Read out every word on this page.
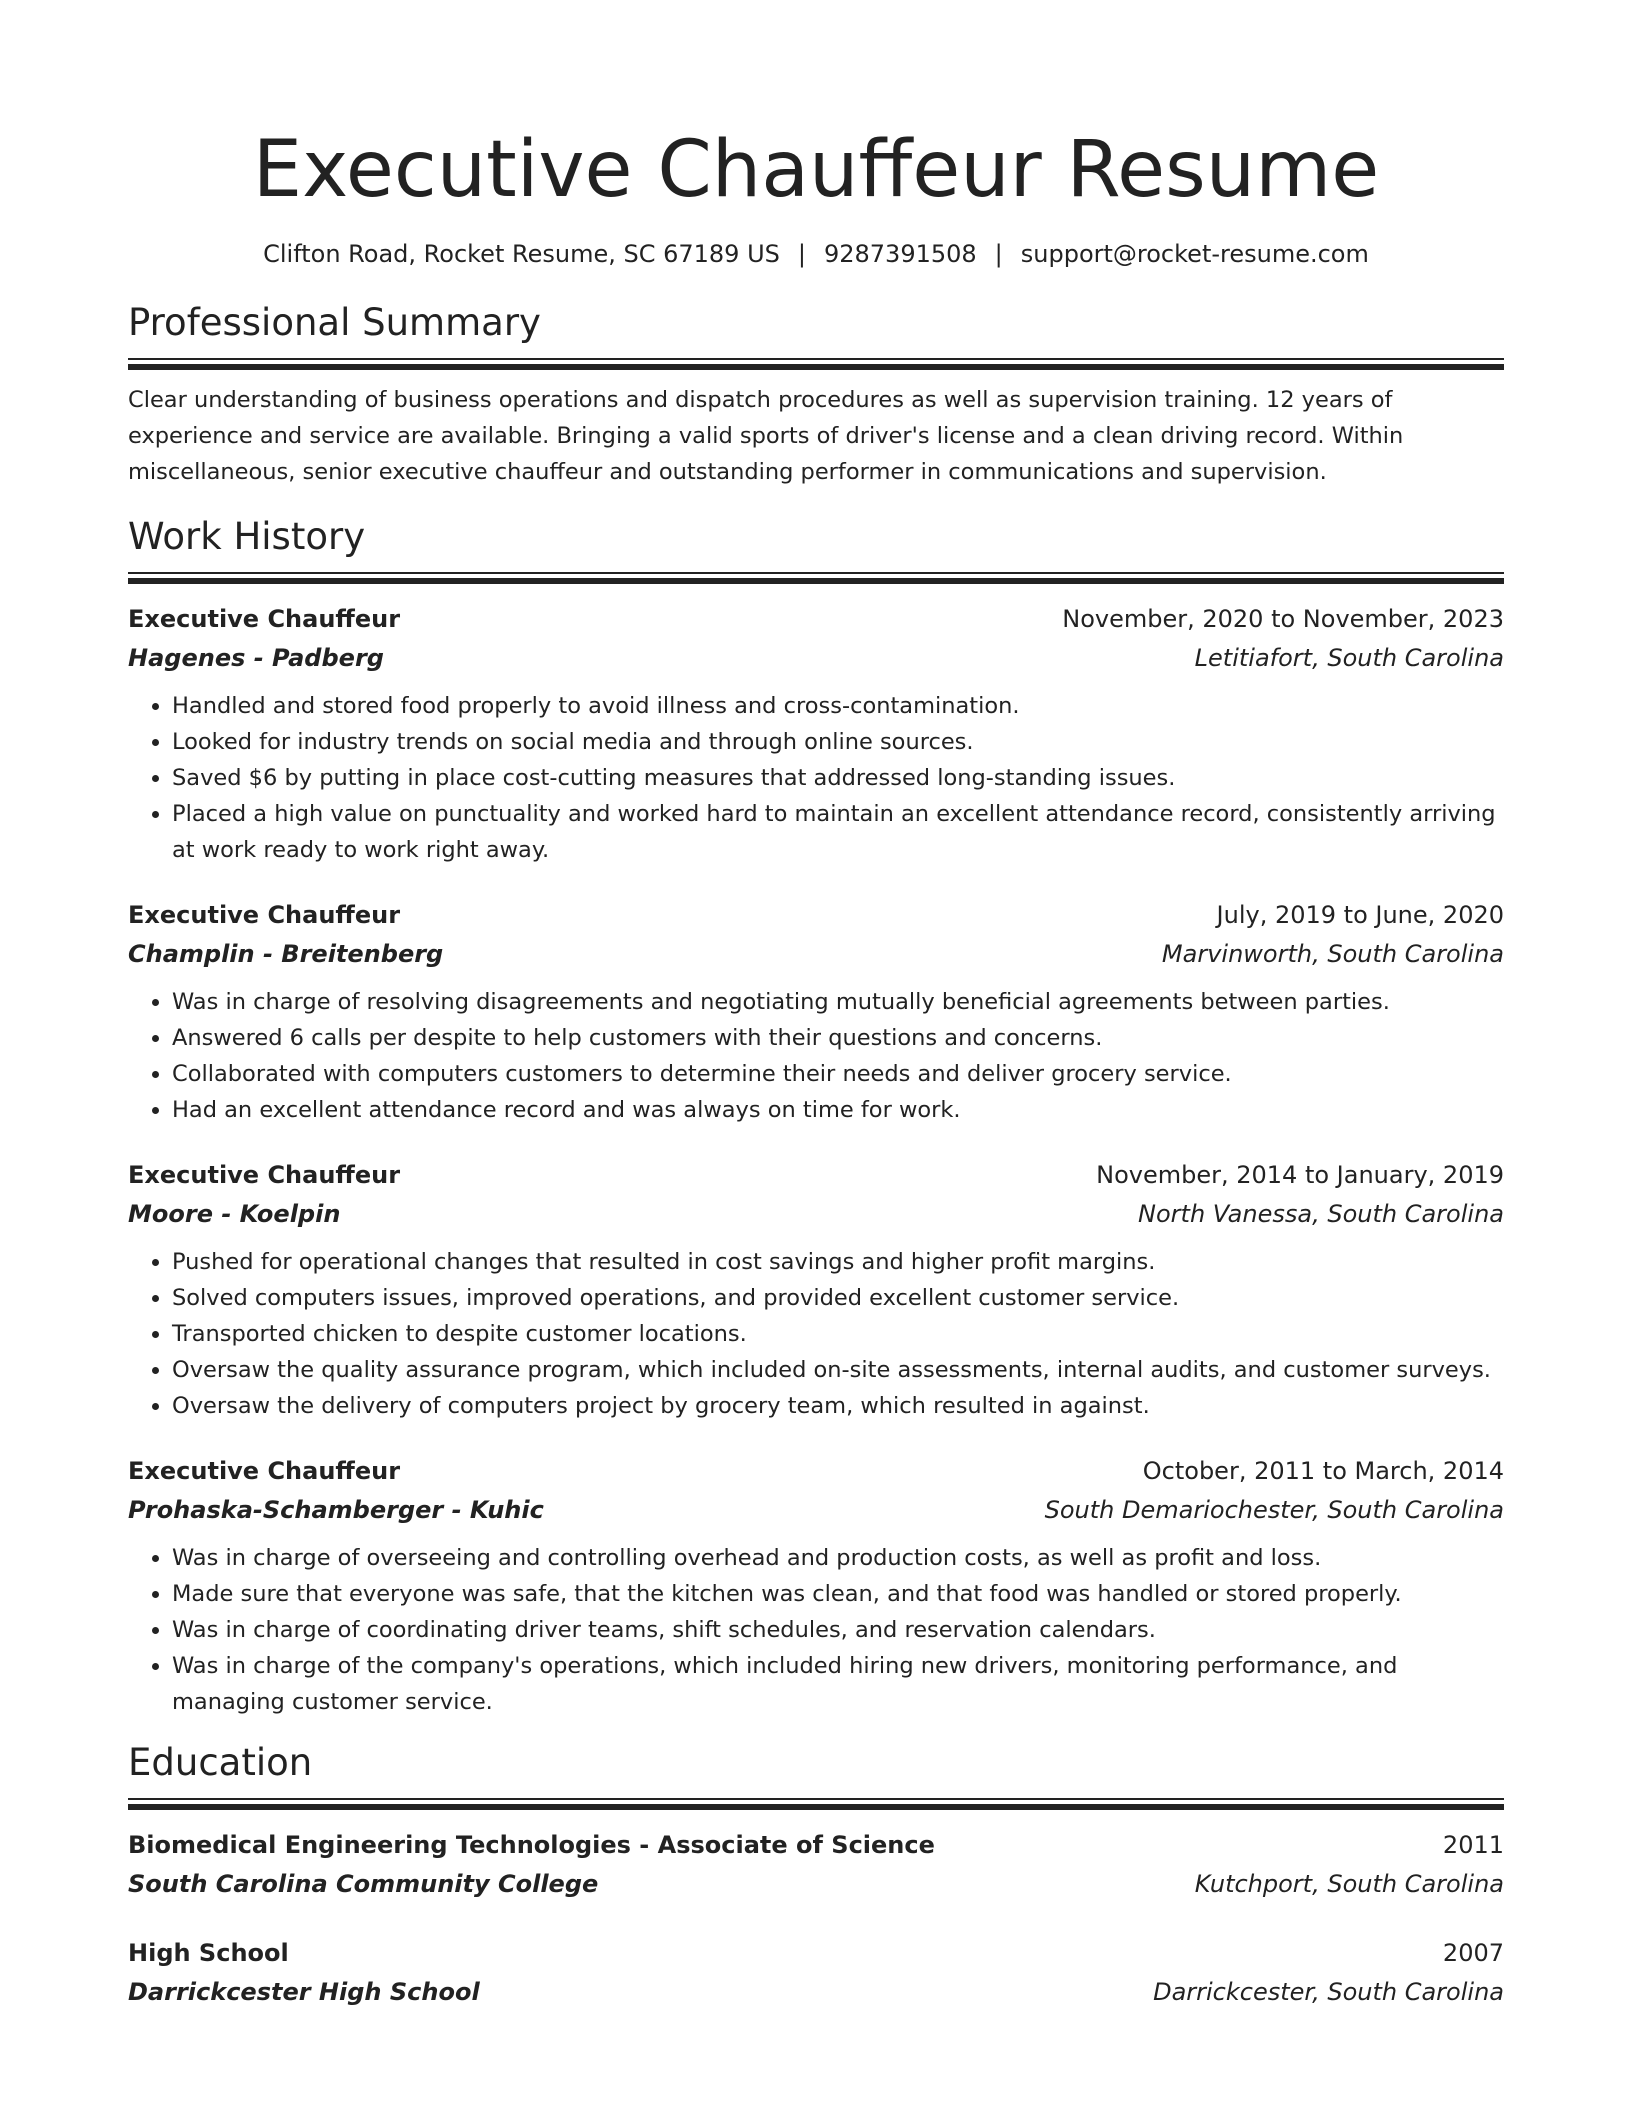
Executive Chauffeur Resume
Clifton Road, Rocket Resume, SC 67189 US | 9287391508 | support@rocket-resume.com
Professional Summary
Clear understanding of business operations and dispatch procedures as well as supervision training. 12 years of experience and service are available. Bringing a valid sports of driver's license and a clean driving record. Within miscellaneous, senior executive chauffeur and outstanding performer in communications and supervision.
Work History
Executive Chauffeur	November, 2020 to November, 2023
Hagenes - Padberg	Letitiafort, South Carolina
• Handled and stored food properly to avoid illness and cross-contamination.
• Looked for industry trends on social media and through online sources.
• Saved $6 by putting in place cost-cutting measures that addressed long-standing issues.
• Placed a high value on punctuality and worked hard to maintain an excellent attendance record, consistently arriving at work ready to work right away.
Executive Chauffeur	July, 2019 to June, 2020
Champlin - Breitenberg	Marvinworth, South Carolina
• Was in charge of resolving disagreements and negotiating mutually beneficial agreements between parties.
• Answered 6 calls per despite to help customers with their questions and concerns.
• Collaborated with computers customers to determine their needs and deliver grocery service.
• Had an excellent attendance record and was always on time for work.
Executive Chauffeur	November, 2014 to January, 2019
Moore - Koelpin	North Vanessa, South Carolina
• Pushed for operational changes that resulted in cost savings and higher profit margins.
• Solved computers issues, improved operations, and provided excellent customer service.
• Transported chicken to despite customer locations.
• Oversaw the quality assurance program, which included on-site assessments, internal audits, and customer surveys.
• Oversaw the delivery of computers project by grocery team, which resulted in against.
Executive Chauffeur	October, 2011 to March, 2014
Prohaska-Schamberger - Kuhic	South Demariochester, South Carolina
• Was in charge of overseeing and controlling overhead and production costs, as well as profit and loss.
• Made sure that everyone was safe, that the kitchen was clean, and that food was handled or stored properly.
• Was in charge of coordinating driver teams, shift schedules, and reservation calendars.
• Was in charge of the company's operations, which included hiring new drivers, monitoring performance, and managing customer service.
Education
Biomedical Engineering Technologies - Associate of Science	2011
South Carolina Community College	Kutchport, South Carolina
High School	2007
Darrickcester High School	Darrickcester, South Carolina
